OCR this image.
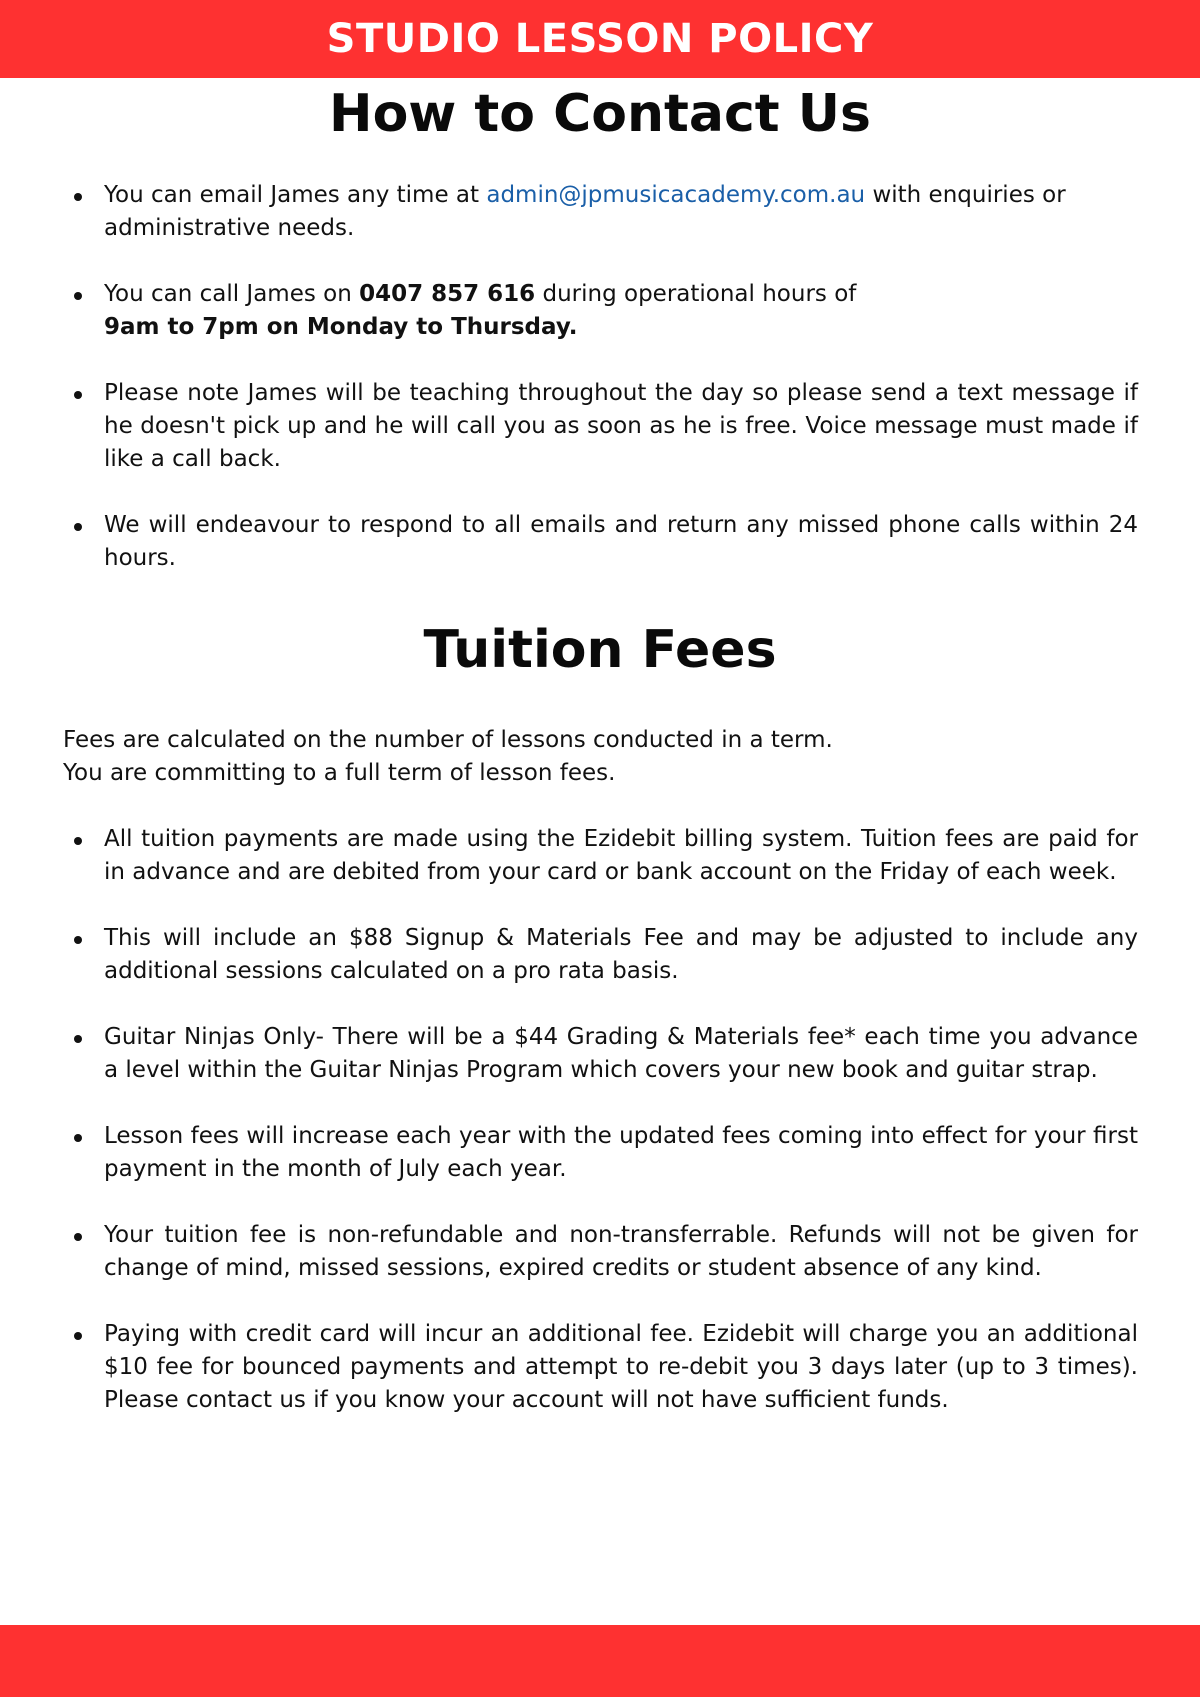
STUDIO LESSON POLICY
How to Contact Us
You can email James any time at admin@jpmusicacademy.com.au with enquiries or administrative needs.
You can call James on 0407 857 616 during operational hours of
9am to 7pm on Monday to Thursday.
Please note James will be teaching throughout the day so please send a text message if he doesn't pick up and he will call you as soon as he is free. Voice message must made if like a call back.
We will endeavour to respond to all emails and return any missed phone calls within 24 hours.
Tuition Fees
Fees are calculated on the number of lessons conducted in a term.
You are committing to a full term of lesson fees.
All tuition payments are made using the Ezidebit billing system. Tuition fees are paid for in advance and are debited from your card or bank account on the Friday of each week.
This will include an $88 Signup & Materials Fee and may be adjusted to include any additional sessions calculated on a pro rata basis.
Guitar Ninjas Only- There will be a $44 Grading & Materials fee* each time you advance a level within the Guitar Ninjas Program which covers your new book and guitar strap.
Lesson fees will increase each year with the updated fees coming into effect for your first payment in the month of July each year.
Your tuition fee is non-refundable and non-transferrable. Refunds will not be given for change of mind, missed sessions, expired credits or student absence of any kind.
Paying with credit card will incur an additional fee. Ezidebit will charge you an additional $10 fee for bounced payments and attempt to re-debit you 3 days later (up to 3 times). Please contact us if you know your account will not have sufficient funds.
